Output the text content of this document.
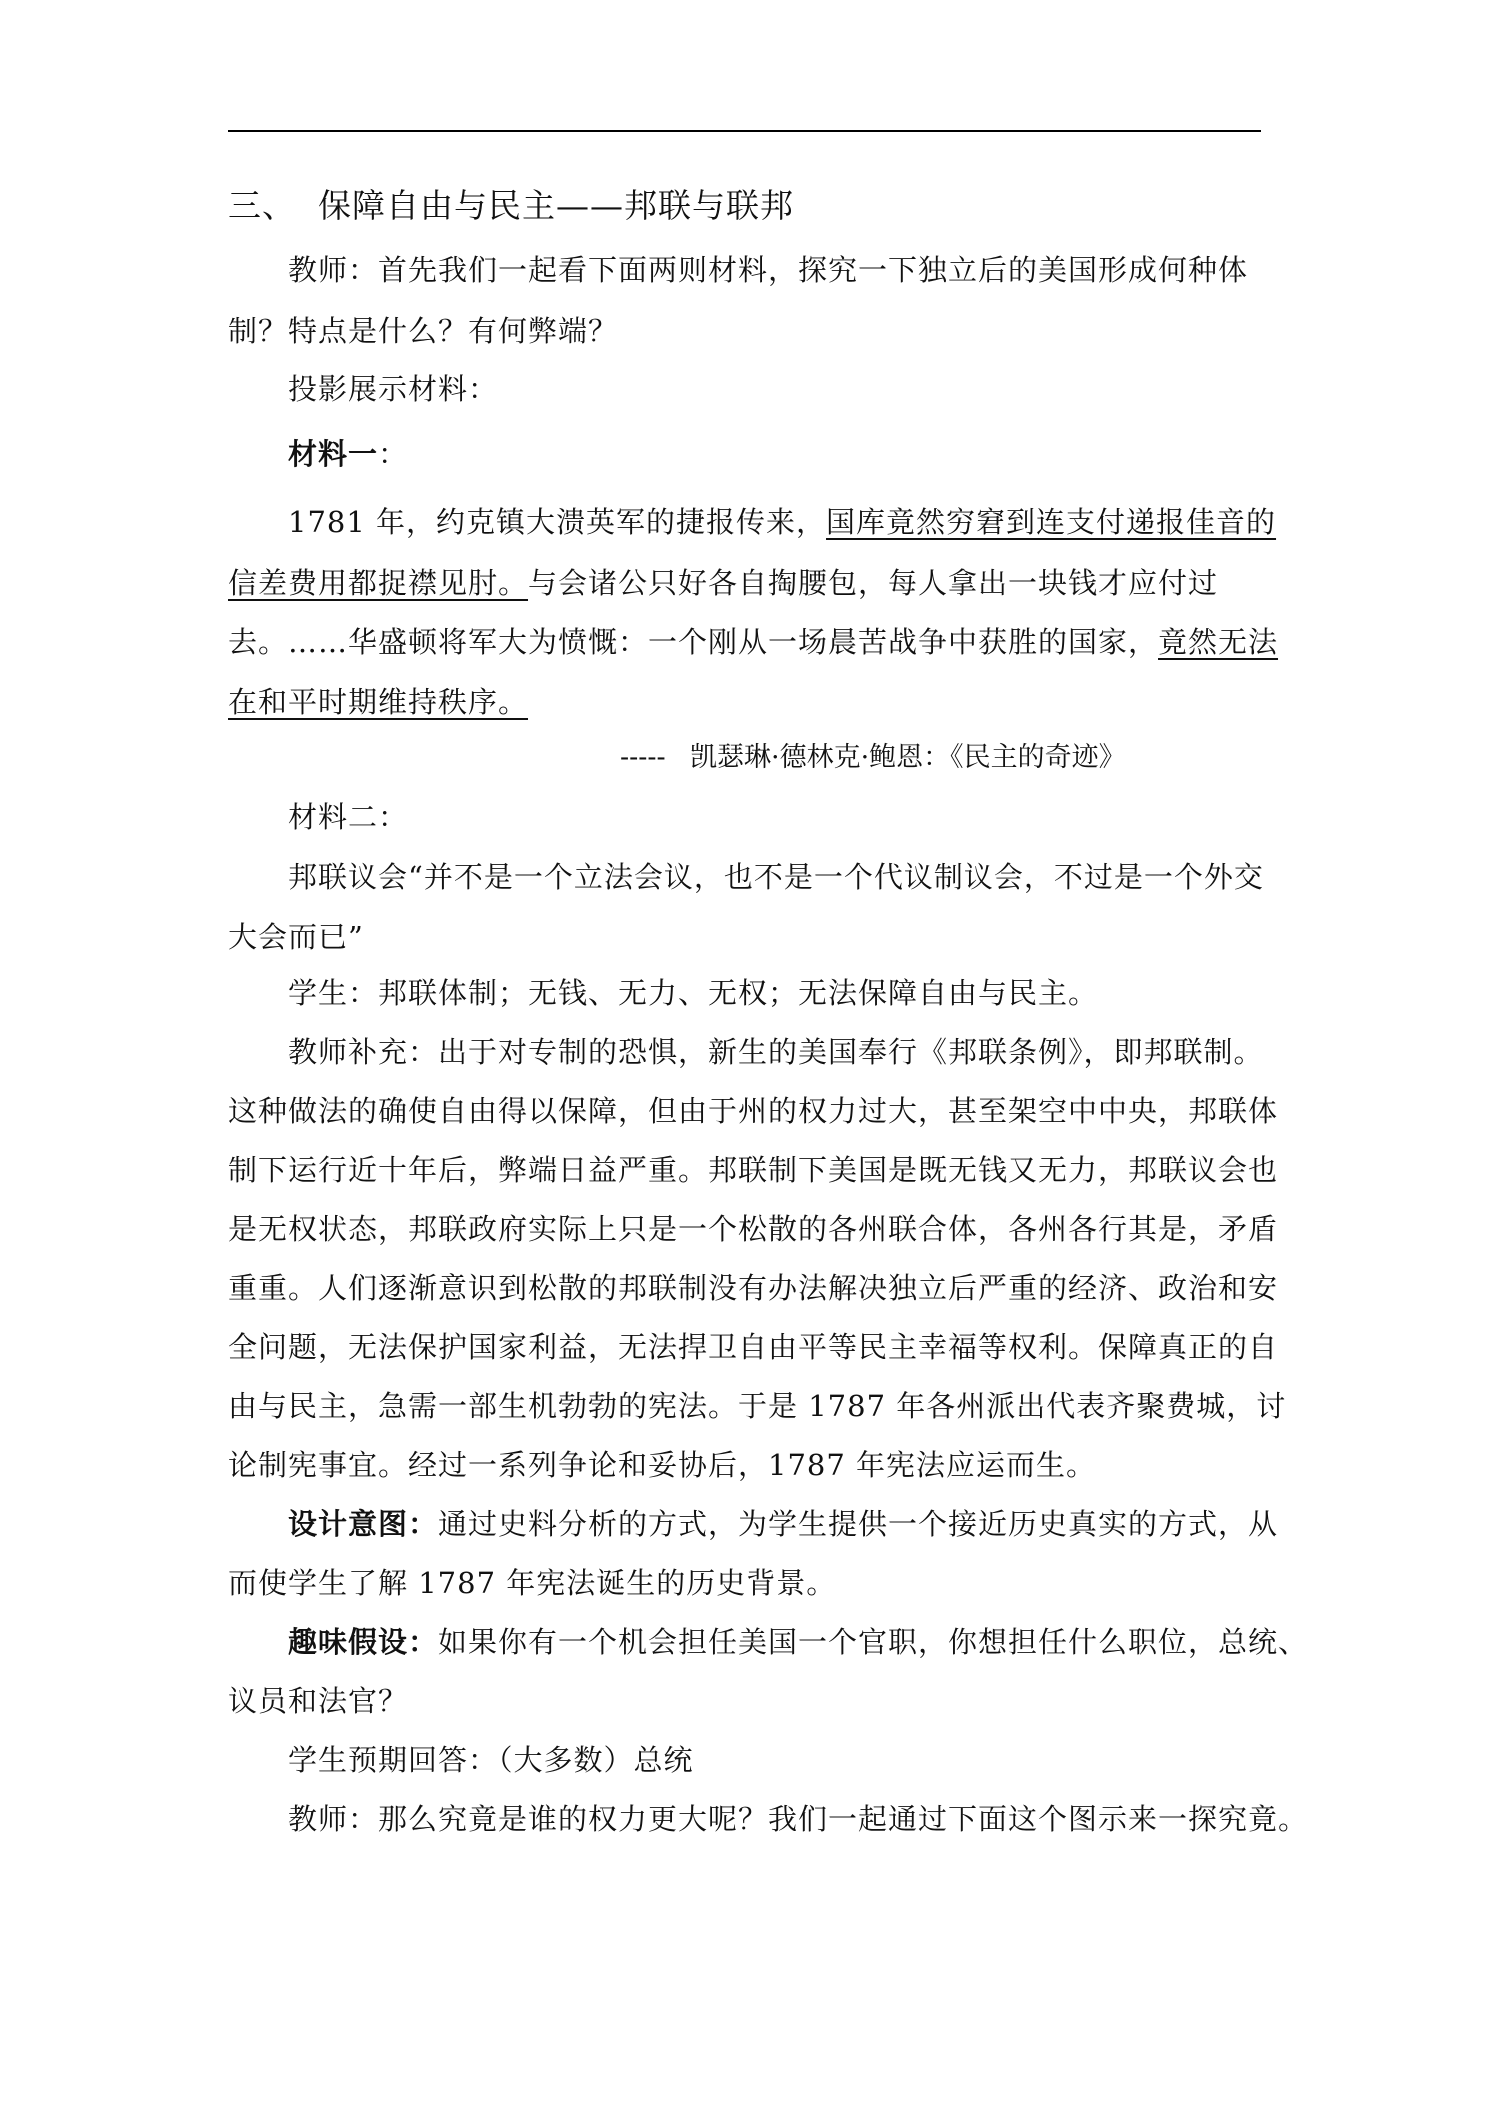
三、 保障自由与民主——邦联与联邦
教师：首先我们一起看下面两则材料，探究一下独立后的美国形成何种体
制？特点是什么？有何弊端？
投影展示材料：
材料一：
1781 年，约克镇大溃英军的捷报传来，国库竟然穷窘到连支付递报佳音的
信差费用都捉襟见肘。与会诸公只好各自掏腰包，每人拿出一块钱才应付过
去。……华盛顿将军大为愤慨：一个刚从一场晨苦战争中获胜的国家，竟然无法
在和平时期维持秩序。
----- 凯瑟琳·德林克·鲍恩：《民主的奇迹》
材料二：
邦联议会“并不是一个立法会议，也不是一个代议制议会，不过是一个外交
大会而已”
学生：邦联体制；无钱、无力、无权；无法保障自由与民主。
教师补充：出于对专制的恐惧，新生的美国奉行《邦联条例》，即邦联制。
这种做法的确使自由得以保障，但由于州的权力过大，甚至架空中中央，邦联体
制下运行近十年后，弊端日益严重。邦联制下美国是既无钱又无力，邦联议会也
是无权状态，邦联政府实际上只是一个松散的各州联合体，各州各行其是，矛盾
重重。人们逐渐意识到松散的邦联制没有办法解决独立后严重的经济、政治和安
全问题，无法保护国家利益，无法捍卫自由平等民主幸福等权利。保障真正的自
由与民主，急需一部生机勃勃的宪法。于是 1787 年各州派出代表齐聚费城，讨
论制宪事宜。经过一系列争论和妥协后，1787 年宪法应运而生。
设计意图：通过史料分析的方式，为学生提供一个接近历史真实的方式，从
而使学生了解 1787 年宪法诞生的历史背景。
趣味假设：如果你有一个机会担任美国一个官职，你想担任什么职位，总统、
议员和法官？
学生预期回答：（大多数）总统
教师：那么究竟是谁的权力更大呢？我们一起通过下面这个图示来一探究竟。
